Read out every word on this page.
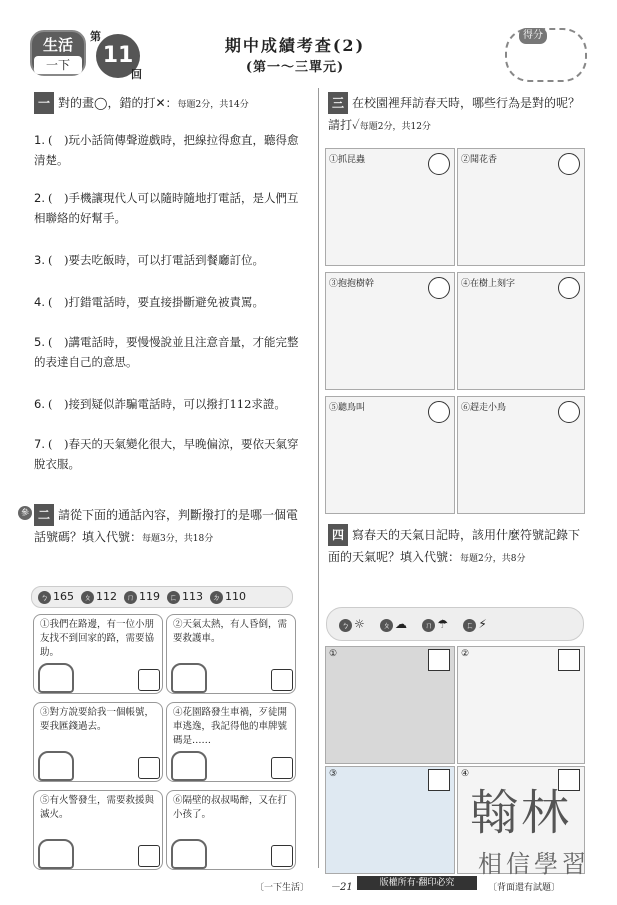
生活
一下
第
11
回
期中成績考查(2)
(第一～三單元)
得分
一 對的畫◯，錯的打✕：每題2分，共14分
1. (　)玩小話筒傳聲遊戲時，把線拉得愈直，聽得愈清楚。
2. (　)手機讓現代人可以隨時隨地打電話，是人們互相聯絡的好幫手。
3. (　)要去吃飯時，可以打電話到餐廳訂位。
4. (　)打錯電話時，要直接掛斷避免被責罵。
5. (　)講電話時，要慢慢說並且注意音量，才能完整的表達自己的意思。
6. (　)接到疑似詐騙電話時，可以撥打112求證。
7. (　)春天的天氣變化很大，早晚偏涼，要依天氣穿脫衣服。
參 二 請從下面的通話內容，判斷撥打的是哪一個電話號碼？填入代號：每題3分，共18分
ㄅ 165 ㄆ 112 ㄇ 119 ㄈ 113 ㄉ 110
①我們在路邊，有一位小朋友找不到回家的路，需要協助。
②天氣太熱，有人昏倒，需要救護車。
③對方說要給我一個帳號，要我匯錢過去。
④花園路發生車禍，歹徒開車逃逸，我記得他的車牌號碼是……
⑤有火警發生，需要救援與滅火。
⑥隔壁的叔叔喝醉，又在打小孩了。
三 在校園裡拜訪春天時，哪些行為是對的呢？請打✓每題2分，共12分
①抓昆蟲	②聞花香
③抱抱樹幹	④在樹上刻字
⑤聽鳥叫	⑥趕走小鳥
四 寫春天的天氣日記時，該用什麼符號記錄下面的天氣呢？填入代號：每題2分，共8分
ㄅ ☼ ㄆ ☁ ㄇ ☂ ㄈ ⚡
①	②
③	④
翰林
相信學習
〔一下生活〕 －21	版權所有‧翻印必究	〔背面還有試題〕
